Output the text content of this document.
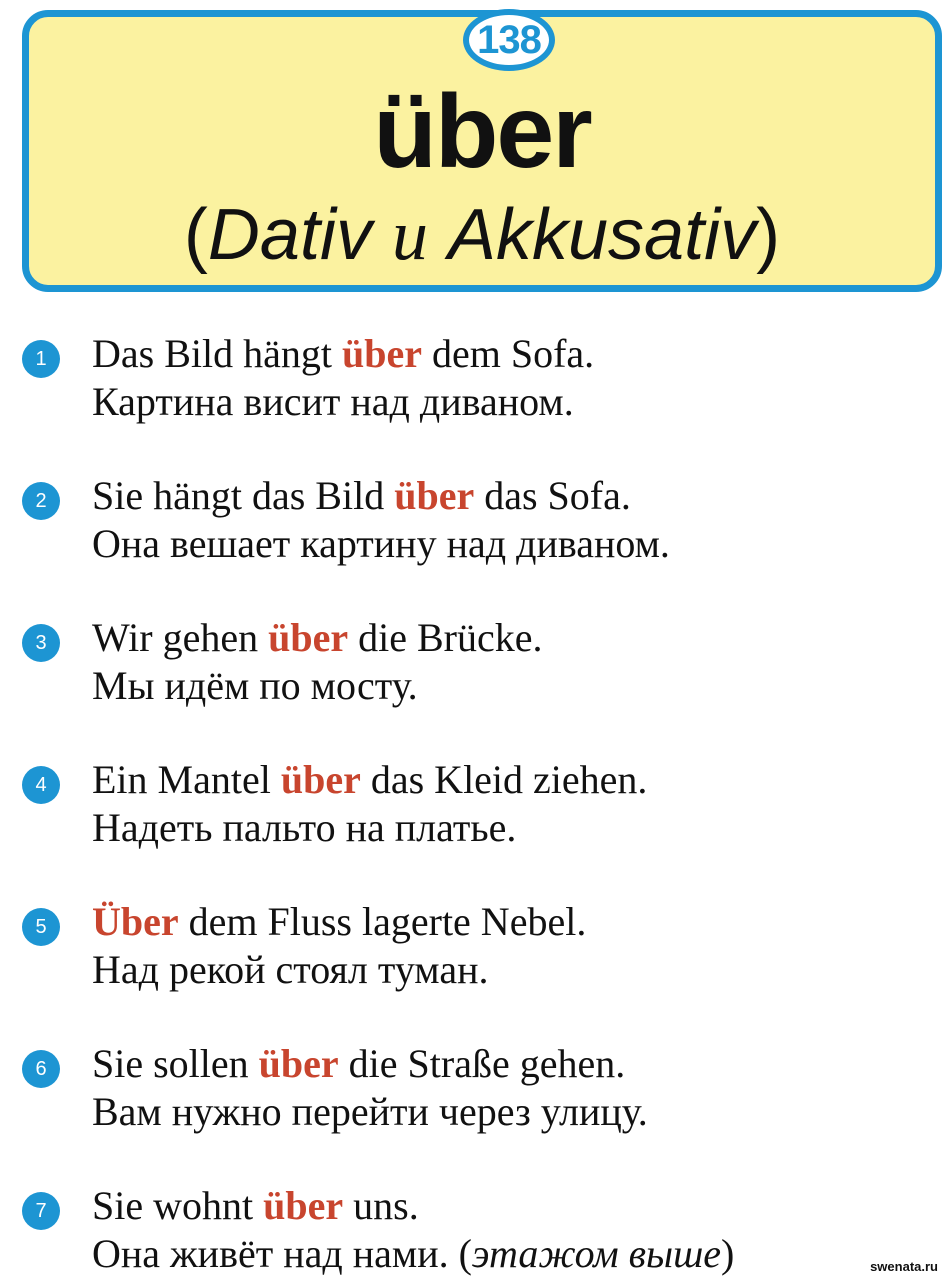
138
über
(Dativ и Akkusativ)
1	Das Bild hängt über dem Sofa.
Картина висит над диваном.
2	Sie hängt das Bild über das Sofa.
Она вешает картину над диваном.
3	Wir gehen über die Brücke.
Мы идём по мосту.
4	Ein Mantel über das Kleid ziehen.
Надеть пальто на платье.
5	Über dem Fluss lagerte Nebel.
Над рекой стоял туман.
6	Sie sollen über die Straße gehen.
Вам нужно перейти через улицу.
7	Sie wohnt über uns.
Она живёт над нами. (этажом выше)	swenata.ru
